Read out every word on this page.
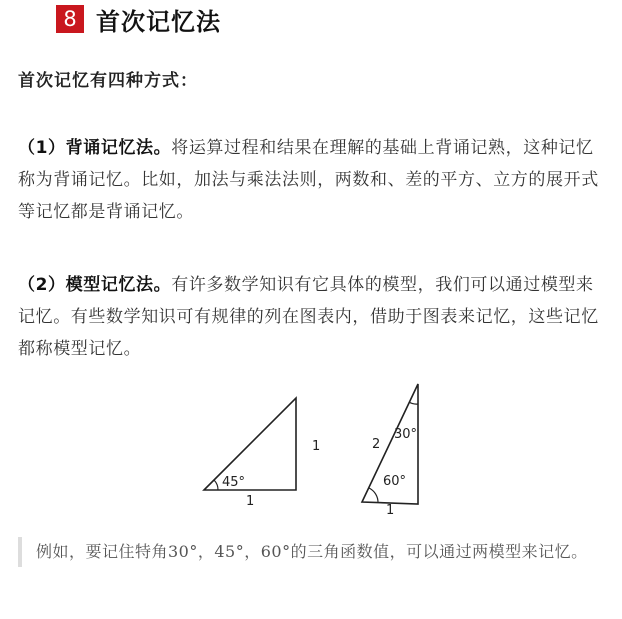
8 首次记忆法
首次记忆有四种方式：
（1）背诵记忆法。将运算过程和结果在理解的基础上背诵记熟，这种记忆称为背诵记忆。比如，加法与乘法法则，两数和、差的平方、立方的展开式等记忆都是背诵记忆。
（2）模型记忆法。有许多数学知识有它具体的模型，我们可以通过模型来记忆。有些数学知识可有规律的列在图表内，借助于图表来记忆，这些记忆都称模型记忆。
45°
1
1
30°
60°
2
1
例如，要记住特角30°，45°，60°的三角函数值，可以通过两模型来记忆。
